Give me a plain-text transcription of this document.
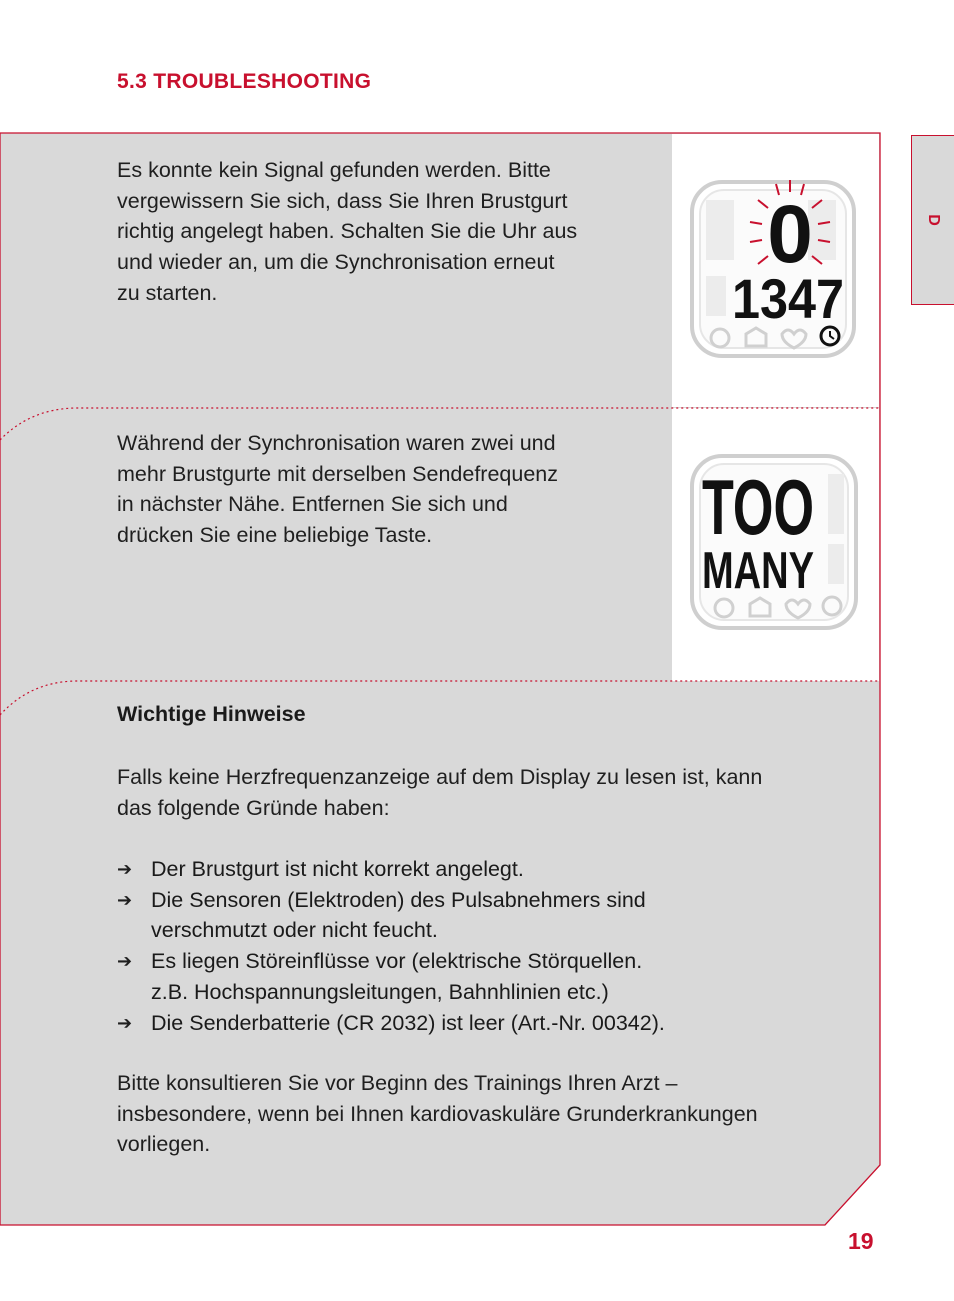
5.3 TROUBLESHOOTING
D
Es konnte kein Signal gefunden werden. Bitte
vergewissern Sie sich, dass Sie Ihren Brustgurt
richtig angelegt haben. Schalten Sie die Uhr aus
und wieder an, um die Synchronisation erneut
zu starten.
0
1347
Während der Synchronisation waren zwei und
mehr Brustgurte mit derselben Sendefrequenz
in nächster Nähe. Entfernen Sie sich und
drücken Sie eine beliebige Taste.	TOO
MANY
Wichtige Hinweise
Falls keine Herzfrequenzanzeige auf dem Display zu lesen ist, kann
das folgende Gründe haben:
➔ Der Brustgurt ist nicht korrekt angelegt.
➔ Die Sensoren (Elektroden) des Pulsabnehmers sind
verschmutzt oder nicht feucht.
➔ Es liegen Störeinflüsse vor (elektrische Störquellen.
z.B. Hochspannungsleitungen, Bahnhlinien etc.)
➔ Die Senderbatterie (CR 2032) ist leer (Art.-Nr. 00342).
Bitte konsultieren Sie vor Beginn des Trainings Ihren Arzt –
insbesondere, wenn bei Ihnen kardiovaskuläre Grunderkrankungen
vorliegen.
19
